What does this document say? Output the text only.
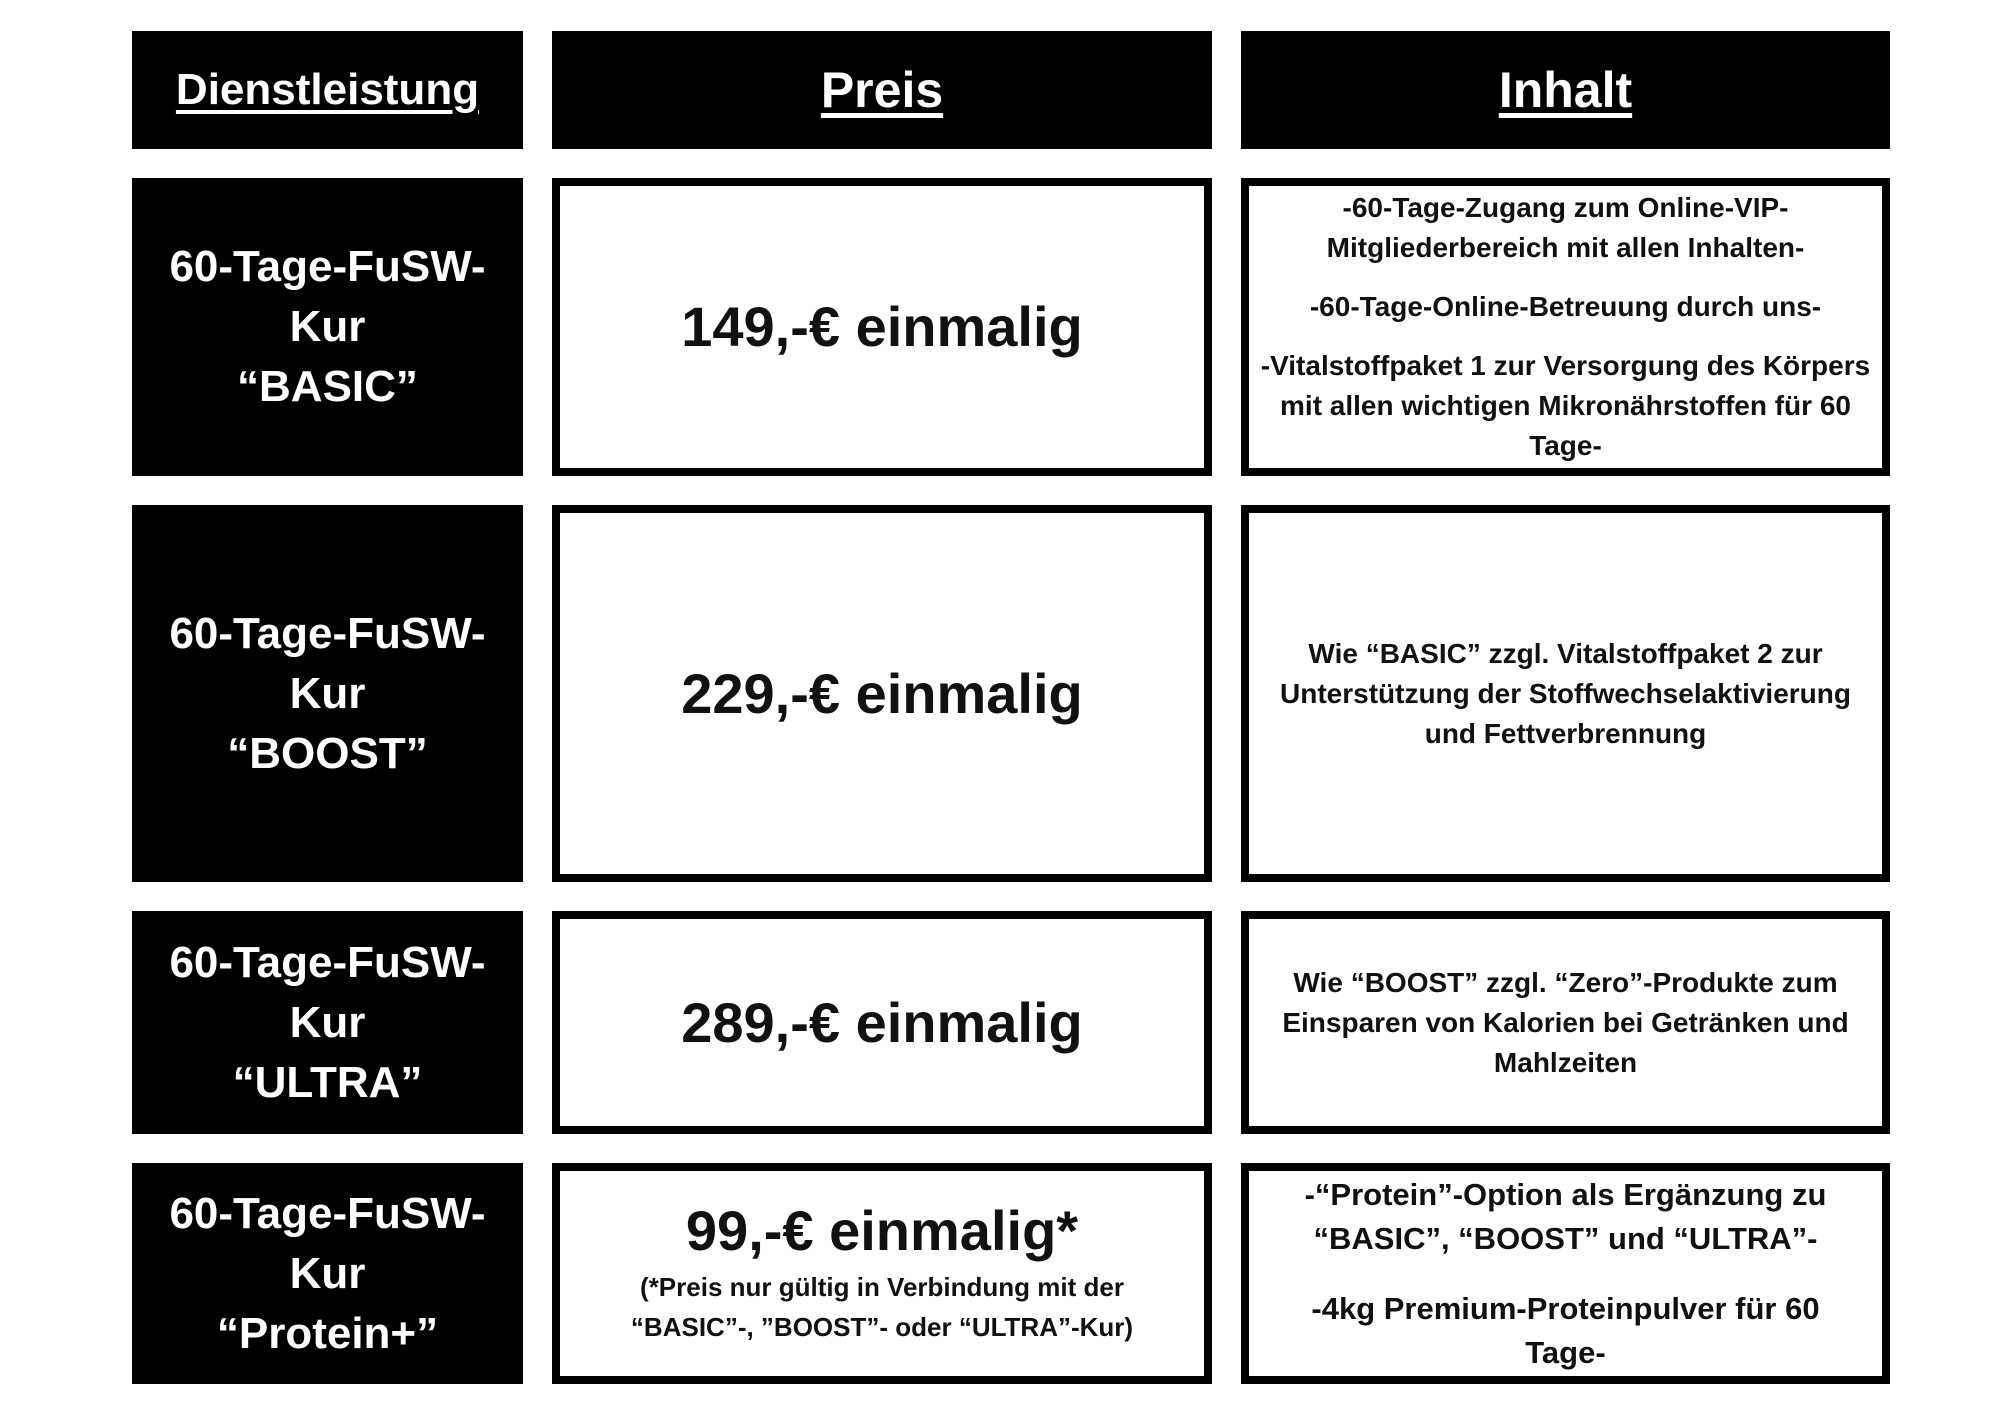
Dienstleistung	Preis	Inhalt
60-Tage-FuSW-
Kur
“BASIC”
149,-€ einmalig

-60-Tage-Zugang zum Online-VIP-Mitgliederbereich mit allen Inhalten-

-60-Tage-Online-Betreuung durch uns-

-Vitalstoffpaket 1 zur Versorgung des Körpers mit allen wichtigen Mikronährstoffen für 60 Tage-

60-Tage-FuSW-
Kur
“BOOST”
229,-€ einmalig

Wie “BASIC” zzgl. Vitalstoffpaket 2 zur Unterstützung der Stoffwechselaktivierung und Fettverbrennung

60-Tage-FuSW-
Kur
“ULTRA”
289,-€ einmalig

Wie “BOOST” zzgl. “Zero”-Produkte zum Einsparen von Kalorien bei Getränken und Mahlzeiten

60-Tage-FuSW-
Kur
“Protein+”
99,-€ einmalig*
(*Preis nur gültig in Verbindung mit der
“BASIC”-, ”BOOST”- oder “ULTRA”-Kur)

-“Protein”-Option als Ergänzung zu “BASIC”, “BOOST” und “ULTRA”-

-4kg Premium-Proteinpulver für 60 Tage-
